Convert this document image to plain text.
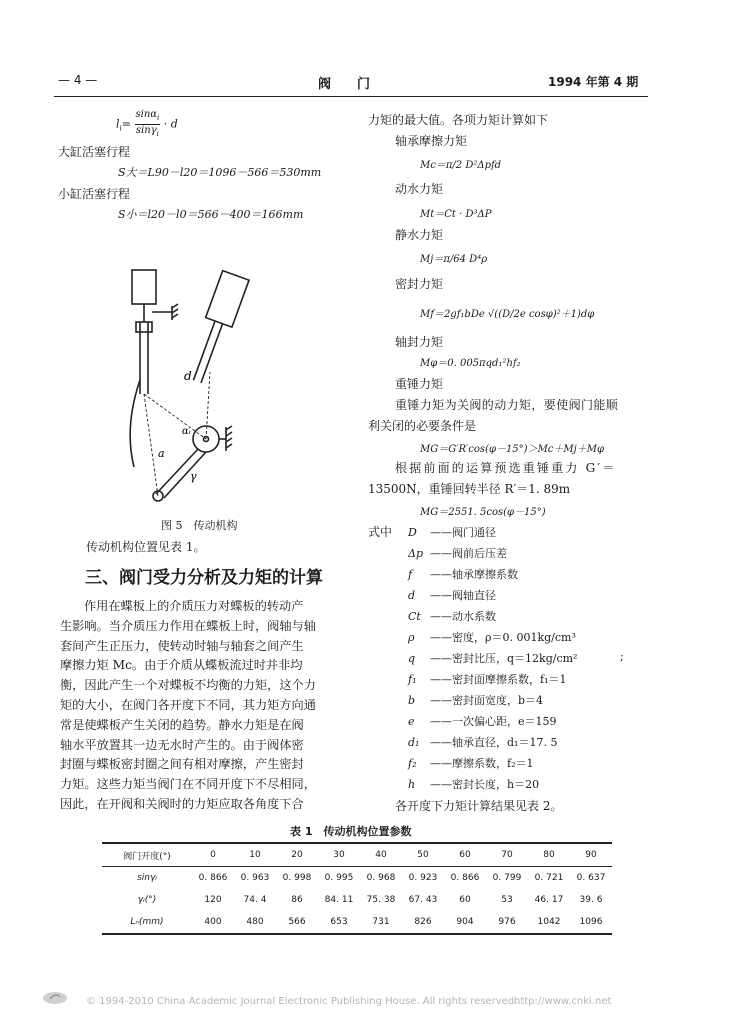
— 4 —	阀　　门	1994 年第 4 期
$l_i= \frac{\sin\alpha_i}{\sin\gamma_i} \cdot d$
大缸活塞行程
S大＝L90－l20＝1096－566＝530mm
小缸活塞行程
S小＝l20－l0＝566－400＝166mm
d
αᵢ
a
γ
图 5　传动机构
传动机构位置见表 1。
三、阀门受力分析及力矩的计算
作用在蝶板上的介质压力对蝶板的转动产
生影响。当介质压力作用在蝶板上时，阀轴与轴
套间产生正压力，使转动时轴与轴套之间产生
摩擦力矩 Mc。由于介质从蝶板流过时并非均
衡，因此产生一个对蝶板不均衡的力矩，这个力
矩的大小，在阀门各开度下不同，其力矩方向通
常是使蝶板产生关闭的趋势。静水力矩是在阀
轴水平放置其一边无水时产生的。由于阀体密
封圈与蝶板密封圈之间有相对摩擦，产生密封
力矩。这些力矩当阀门在不同开度下不尽相同，
因此，在开阀和关阀时的力矩应取各角度下合
力矩的最大值。各项力矩计算如下
轴承摩擦力矩
Mc＝π/2 D²Δpfd
动水力矩
Mt＝Ct · D³ΔP
静水力矩
Mj＝π/64 D⁴ρ
密封力矩
Mf＝2gf₁bDe √((D/2e cosφ)²＋1)dφ
轴封力矩
Mφ＝0. 005πqd₁²hf₂
重锤力矩
重锤力矩为关阀的动力矩，要使阀门能顺
利关闭的必要条件是
MG＝G′R′cos(φ－15°)＞Mc＋Mj＋Mφ
根据前面的运算预选重锤重力 G′＝
13500N，重锤回转半径 R′＝1. 89m
MG＝2551. 5cos(φ－15°)
式中 D ——阀门通径
Δp ——阀前后压差
f ——轴承摩擦系数
d ——阀轴直径
Ct ——动水系数
ρ ——密度，ρ＝0. 001kg/cm³
q ——密封比压，q＝12kg/cm²
f₁ ——密封面摩擦系数，f₁＝1
b ——密封面宽度，b＝4
e ——一次偏心距，e＝159
d₁ ——轴承直径，d₁＝17. 5
f₂ ——摩擦系数，f₂＝1
h ——密封长度，h＝20
;
各开度下力矩计算结果见表 2。
表 1　传动机构位置参数
阀门开度(°)	0	10	20	30	40	50	60	70	80	90
sinγᵢ	0. 866	0. 963	0. 998	0. 995	0. 968	0. 923	0. 866	0. 799	0. 721	0. 637
γᵢ(°)	120	74. 4	86	84. 11	75. 38	67. 43	60	53	46. 17	39. 6
Lₙ(mm)	400	480	566	653	731	826	904	976	1042	1096
© 1994-2010 China Academic Journal Electronic Publishing House. All rights reserved.
http://www.cnki.net
